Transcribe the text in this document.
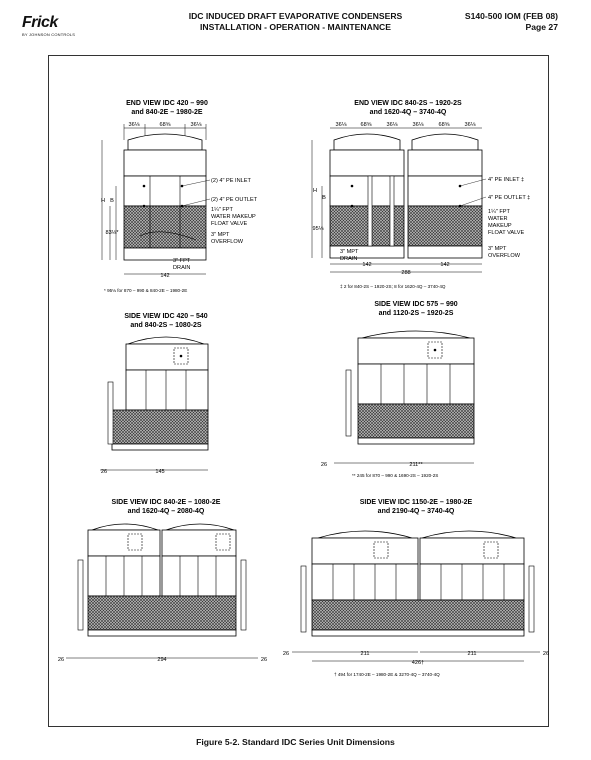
Frick
BY JOHNSON CONTROLS
IDC INDUCED DRAFT EVAPORATIVE CONDENSERS
INSTALLATION - OPERATION - MAINTENANCE
S140-500 IOM (FEB 08)
Page 27
END VIEW IDC 420 – 990
and 840-2E – 1980-2E
36⅛	68⅝	36⅛
H B
83⅛*
142
(2) 4" PE INLET
(2) 4" PE OUTLET
1¼" FPT
WATER MAKEUP
FLOAT VALVE
3" MPT
OVERFLOW
3" FPT
DRAIN
* 95⅛ for 870 – 990 & 840-2E – 1980-2E
END VIEW IDC 840-2S – 1920-2S
and 1620-4Q – 3740-4Q
36⅛	68⅝	36⅛	36⅛	68⅝	36⅛
H
B
95⅛
142	142
288
4" PE INLET ‡
4" PE OUTLET ‡
1¼" FPT
WATER
MAKEUP
FLOAT VALVE
3" MPT
OVERFLOW
3" MPT
DRAIN
‡ 2 for 840-2S – 1920-2S; 8 for 1620-4Q – 3740-4Q
SIDE VIEW IDC 420 – 540
and 840-2S – 1080-2S
26	145
SIDE VIEW IDC 575 – 990
and 1120-2S – 1920-2S
26	211**
** 245 for 870 – 990 & 1690-2S – 1920-2S
SIDE VIEW IDC 840-2E – 1080-2E
and 1620-4Q – 2080-4Q
26	294	26
SIDE VIEW IDC 1150-2E – 1980-2E
and 2190-4Q – 3740-4Q
26	211	211	26
426†
† 494 for 1740-2E – 1980-2E & 3270-4Q – 3740-4Q
Figure 5-2. Standard IDC Series Unit Dimensions
